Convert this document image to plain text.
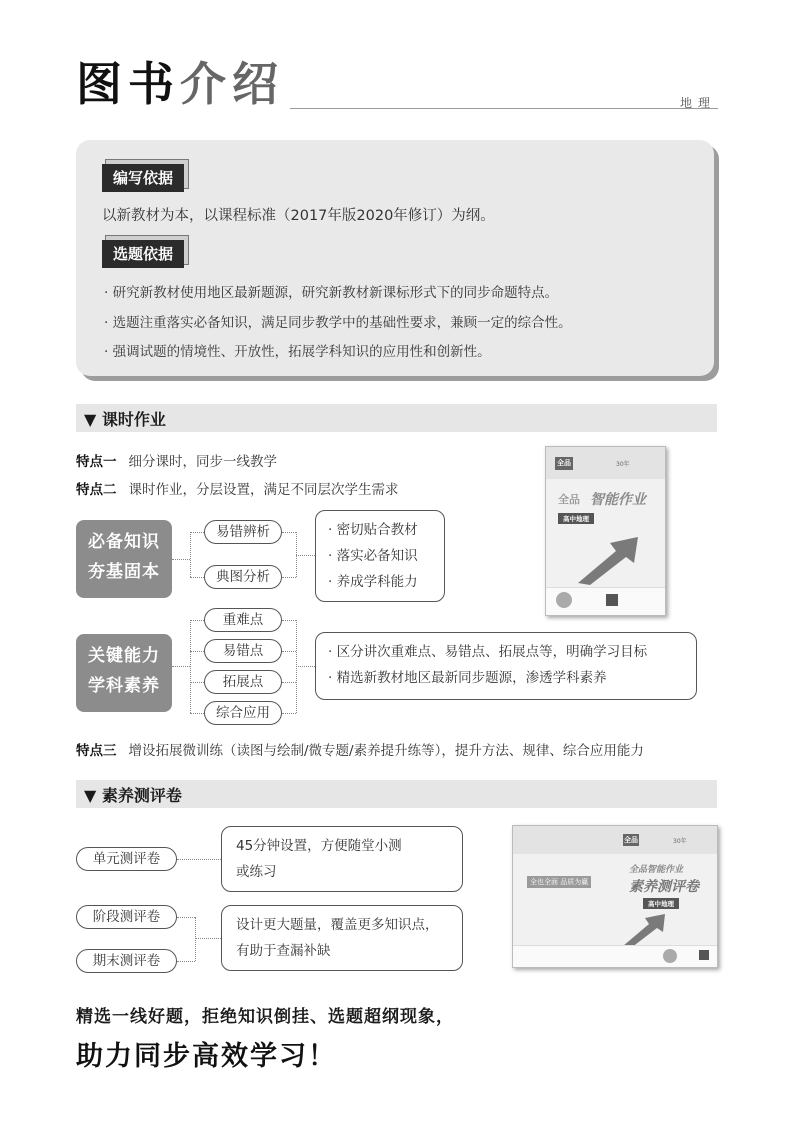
图书介绍	地理
编写依据
以新教材为本，以课程标准（2017年版2020年修订）为纲。
选题依据
· 研究新教材使用地区最新题源，研究新教材新课标形式下的同步命题特点。
· 选题注重落实必备知识，满足同步教学中的基础性要求，兼顾一定的综合性。
· 强调试题的情境性、开放性，拓展学科知识的应用性和创新性。
▼ 课时作业
特点一 细分课时，同步一线教学
特点二 课时作业，分层设置，满足不同层次学生需求
必备知识
夯基固本
易错辨析
典图分析
· 密切贴合教材
· 落实必备知识
· 养成学科能力
关键能力
学科素养
重难点
易错点
拓展点
综合应用
· 区分讲次重难点、易错点、拓展点等，明确学习目标
· 精选新教材地区最新同步题源，渗透学科素养
特点三 增设拓展微训练（读图与绘制/微专题/素养提升练等），提升方法、规律、综合应用能力
全品	30年
全品 智能作业
高中地理
▼ 素养测评卷
单元测评卷
45分钟设置，方便随堂小测
或练习
阶段测评卷
期末测评卷
设计更大题量，覆盖更多知识点，
有助于查漏补缺
全品	30年
全也全面 品质为赢
全品智能作业
素养测评卷
高中地理
精选一线好题，拒绝知识倒挂、选题超纲现象，
助力同步高效学习！
